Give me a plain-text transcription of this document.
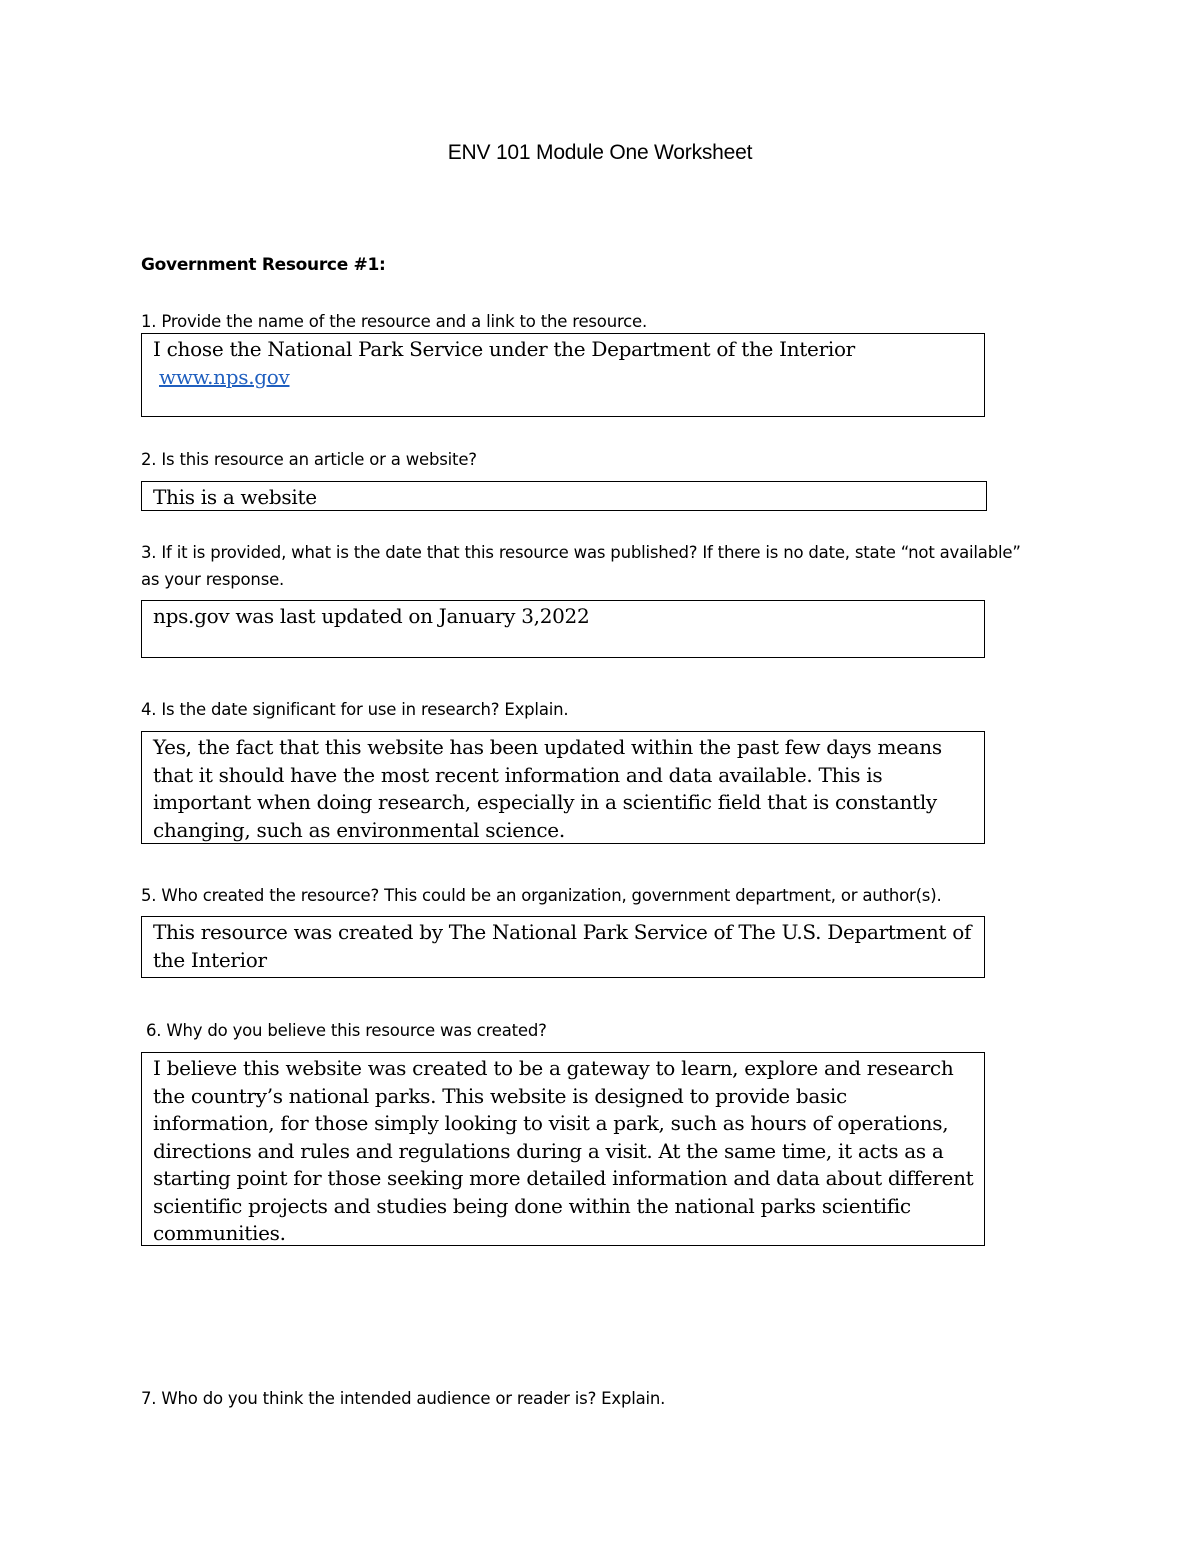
ENV 101 Module One Worksheet
Government Resource #1:
1. Provide the name of the resource and a link to the resource.
I chose the National Park Service under the Department of the Interior
www.nps.gov
2. Is this resource an article or a website?
This is a website
3. If it is provided, what is the date that this resource was published? If there is no date, state “not available” as your response.
nps.gov was last updated on January 3,2022
4. Is the date significant for use in research? Explain.
Yes, the fact that this website has been updated within the past few days means that it should have the most recent information and data available. This is important when doing research, especially in a scientific field that is constantly changing, such as environmental science.
5. Who created the resource? This could be an organization, government department, or author(s).
This resource was created by The National Park Service of The U.S. Department of the Interior
6. Why do you believe this resource was created?
I believe this website was created to be a gateway to learn, explore and research the country’s national parks. This website is designed to provide basic information, for those simply looking to visit a park, such as hours of operations, directions and rules and regulations during a visit. At the same time, it acts as a starting point for those seeking more detailed information and data about different scientific projects and studies being done within the national parks scientific communities.
7. Who do you think the intended audience or reader is? Explain.
